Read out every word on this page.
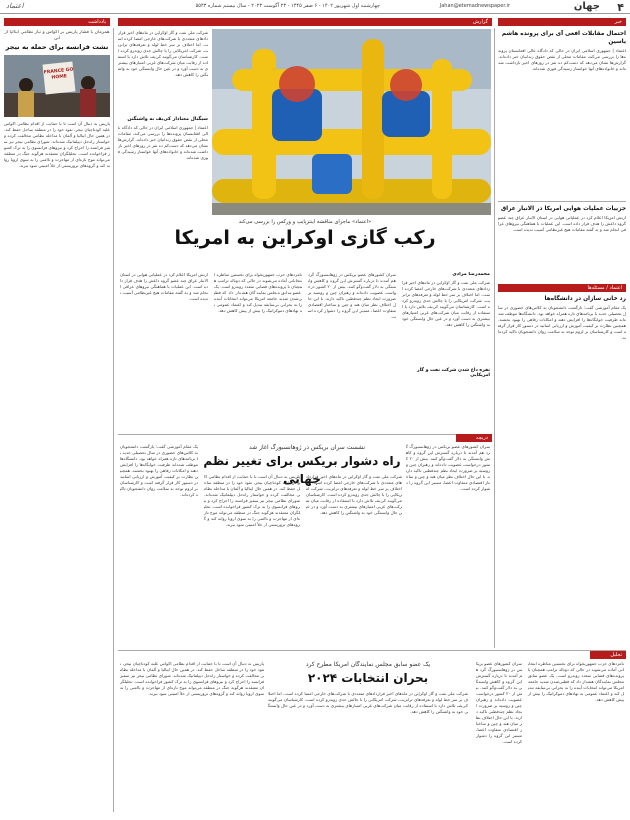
۴
جهان
Jahan@etemadnewspaper.ir
چهارشنبه اول شهریور ۱۴۰۲ - ۶ صفر ۱۴۴۵ - ۲۳ آگوست ۲۰۲۳ - سال بیستم شماره ۵۵۴۳
اعتماد
یادداشت	گزارش	خبر
همزمان با فشار پاریس بر اکواس و نیاز نظامی ایتالیا از این
نشت فرانسه برای حمله به نیجر
FRANCE GO HOME
پاریس به دنبال آن است تا با حمایت از اقدام نظامی اکواس علیه کودتاچیان نیجر، نفوذ خود را در منطقه ساحل حفظ کند. در همین حال ایتالیا و آلمان با مداخله نظامی مخالفت کرده و خواستار راه‌حل دیپلماتیک شده‌اند. شورای نظامی نیجر نیز سفیر فرانسه را اخراج کرد و نیروهای فرانسوی را به ترک کشور فراخوانده است. تحلیلگران معتقدند هرگونه جنگ در منطقه می‌تواند موج تازه‌ای از مهاجرت و ناامنی را به سوی اروپا روانه کند و گروه‌های تروریستی از خلأ امنیتی سود ببرند.
«اعتماد» ماجرای مناقشه اینترپایپ و ورکس را بررسی می‌کند
رکب گازی اوکراین به امریکا
شرکت ملی نفت و گاز اوکراین در ماه‌های اخیر قراردادهای متعددی با شرکت‌های خارجی امضا کرده است. اما اختلاف بر سر خط لوله و تعرفه‌های ترانزیت، شرکت امریکایی را با چالش جدی روبه‌رو کرده است. کارشناسان می‌گویند کی‌یف تلاش دارد با استفاده از رقابت میان شرکت‌های غربی امتیازهای بیشتری به دست آورد و در عین حال وابستگی خود به واشنگتن را کاهش دهد.
سیگنال معنادار کی‌یف به واشنگتن
اعتماد | جمهوری اسلامی ایران در حالی که دادگاه عالی افغانستان پرونده‌ها را بررسی می‌کند، مقامات محلی از نقض حقوق زندانیان خبر داده‌اند. گزارش‌ها نشان می‌دهد که دست‌کم ده نفر در روزهای اخیر بازداشت شده‌اند و خانواده‌های آنها خواستار رسیدگی فوری شده‌اند.
محمدرضا مرادی
شرکت ملی نفت و گاز اوکراین در ماه‌های اخیر قراردادهای متعددی با شرکت‌های خارجی امضا کرده است. اما اختلاف بر سر خط لوله و تعرفه‌های ترانزیت، شرکت امریکایی را با چالش جدی روبه‌رو کرده است. کارشناسان می‌گویند کی‌یف تلاش دارد با استفاده از رقابت میان شرکت‌های غربی امتیازهای بیشتری به دست آورد و در عین حال وابستگی خود به واشنگتن را کاهش دهد.
نقره داغ شدن شرکت نفت و گاز امریکایی
سران کشورهای عضو بریکس در ژوهانسبورگ گرد هم آمدند تا درباره گسترش این گروه و کاهش وابستگی به دلار گفت‌وگو کنند. بیش از ۲۰ کشور درخواست عضویت داده‌اند و رهبران چین و روسیه بر ضرورت ایجاد نظم چندقطبی تاکید دارند. با این حال اختلاف نظر میان هند و چین و ساختار اقتصادی متفاوت اعضا، مسیر این گروه را دشوار کرده است.
نامزدهای حزب جمهوریخواه برای نخستین مناظره انتخاباتی آماده می‌شوند در حالی که دونالد ترامپ همچنان با پرونده‌های قضایی متعدد روبه‌رو است. یک عضو سابق مجلس نمایندگان هشدار داد که قطبی‌شدن شدید جامعه امریکا می‌تواند انتخابات آینده را به بحرانی بی‌سابقه تبدیل کند و اعتماد عمومی به نهادهای دموکراتیک را بیش از پیش کاهش دهد.
ارتش امریکا اعلام کرد در عملیاتی هوایی در استان الانبار عراق چند عضو گروه داعش را هدف قرار داده است. این عملیات با هماهنگی نیروهای عراقی انجام شد و به گفته مقامات هیچ غیرنظامی آسیب ندیده است.
دریچه
نشست سران بریکس در ژوهانسبورگ آغاز شد
راه دشوار بریکس برای تغییر نظم جهانی
سران کشورهای عضو بریکس در ژوهانسبورگ گرد هم آمدند تا درباره گسترش این گروه و کاهش وابستگی به دلار گفت‌وگو کنند. بیش از ۲۰ کشور درخواست عضویت داده‌اند و رهبران چین و روسیه بر ضرورت ایجاد نظم چندقطبی تاکید دارند. با این حال اختلاف نظر میان هند و چین و ساختار اقتصادی متفاوت اعضا، مسیر این گروه را دشوار کرده است.
شرکت ملی نفت و گاز اوکراین در ماه‌های اخیر قراردادهای متعددی با شرکت‌های خارجی امضا کرده است. اما اختلاف بر سر خط لوله و تعرفه‌های ترانزیت، شرکت امریکایی را با چالش جدی روبه‌رو کرده است. کارشناسان می‌گویند کی‌یف تلاش دارد با استفاده از رقابت میان شرکت‌های غربی امتیازهای بیشتری به دست آورد و در عین حال وابستگی خود به واشنگتن را کاهش دهد.
پاریس به دنبال آن است تا با حمایت از اقدام نظامی اکواس علیه کودتاچیان نیجر، نفوذ خود را در منطقه ساحل حفظ کند. در همین حال ایتالیا و آلمان با مداخله نظامی مخالفت کرده و خواستار راه‌حل دیپلماتیک شده‌اند. شورای نظامی نیجر نیز سفیر فرانسه را اخراج کرد و نیروهای فرانسوی را به ترک کشور فراخوانده است. تحلیلگران معتقدند هرگونه جنگ در منطقه می‌تواند موج تازه‌ای از مهاجرت و ناامنی را به سوی اروپا روانه کند و گروه‌های تروریستی از خلأ امنیتی سود ببرند.
یک مقام آموزشی گفت: بازگشت دانشجویان به کلاس‌های حضوری در سال تحصیلی جدید با برنامه‌های تازه همراه خواهد بود. دانشگاه‌ها موظف شده‌اند ظرفیت خوابگاه‌ها را افزایش دهند و امکانات رفاهی را بهبود بخشند. همچنین نظارت بر کیفیت آموزش و ارزیابی اساتید در دستور کار قرار گرفته است و کارشناسان بر لزوم توجه به سلامت روان دانشجویان تاکید کرده‌اند.
تحلیل
یک عضو سابق مجلس نمایندگان امریکا مطرح کرد
بحران انتخابات ۲۰۲۴
نامزدهای حزب جمهوریخواه برای نخستین مناظره انتخاباتی آماده می‌شوند در حالی که دونالد ترامپ همچنان با پرونده‌های قضایی متعدد روبه‌رو است. یک عضو سابق مجلس نمایندگان هشدار داد که قطبی‌شدن شدید جامعه امریکا می‌تواند انتخابات آینده را به بحرانی بی‌سابقه تبدیل کند و اعتماد عمومی به نهادهای دموکراتیک را بیش از پیش کاهش دهد.
سران کشورهای عضو بریکس در ژوهانسبورگ گرد هم آمدند تا درباره گسترش این گروه و کاهش وابستگی به دلار گفت‌وگو کنند. بیش از ۲۰ کشور درخواست عضویت داده‌اند و رهبران چین و روسیه بر ضرورت ایجاد نظم چندقطبی تاکید دارند. با این حال اختلاف نظر میان هند و چین و ساختار اقتصادی متفاوت اعضا، مسیر این گروه را دشوار کرده است.
شرکت ملی نفت و گاز اوکراین در ماه‌های اخیر قراردادهای متعددی با شرکت‌های خارجی امضا کرده است. اما اختلاف بر سر خط لوله و تعرفه‌های ترانزیت، شرکت امریکایی را با چالش جدی روبه‌رو کرده است. کارشناسان می‌گویند کی‌یف تلاش دارد با استفاده از رقابت میان شرکت‌های غربی امتیازهای بیشتری به دست آورد و در عین حال وابستگی خود به واشنگتن را کاهش دهد.
پاریس به دنبال آن است تا با حمایت از اقدام نظامی اکواس علیه کودتاچیان نیجر، نفوذ خود را در منطقه ساحل حفظ کند. در همین حال ایتالیا و آلمان با مداخله نظامی مخالفت کرده و خواستار راه‌حل دیپلماتیک شده‌اند. شورای نظامی نیجر نیز سفیر فرانسه را اخراج کرد و نیروهای فرانسوی را به ترک کشور فراخوانده است. تحلیلگران معتقدند هرگونه جنگ در منطقه می‌تواند موج تازه‌ای از مهاجرت و ناامنی را به سوی اروپا روانه کند و گروه‌های تروریستی از خلأ امنیتی سود ببرند.
احتمال مقابلات افعی آی برای پرونده هاشم یاسین
اعتماد | جمهوری اسلامی ایران در حالی که دادگاه عالی افغانستان پرونده‌ها را بررسی می‌کند، مقامات محلی از نقض حقوق زندانیان خبر داده‌اند. گزارش‌ها نشان می‌دهد که دست‌کم ده نفر در روزهای اخیر بازداشت شده‌اند و خانواده‌های آنها خواستار رسیدگی فوری شده‌اند.
جزییات عملیات هوایی امریکا در الانبار عراق
ارتش امریکا اعلام کرد در عملیاتی هوایی در استان الانبار عراق چند عضو گروه داعش را هدف قرار داده است. این عملیات با هماهنگی نیروهای عراقی انجام شد و به گفته مقامات هیچ غیرنظامی آسیب ندیده است.
اعتماد / مسئله‌ها
رد خانی سازان در دانشگاه‌ها
یک مقام آموزشی گفت: بازگشت دانشجویان به کلاس‌های حضوری در سال تحصیلی جدید با برنامه‌های تازه همراه خواهد بود. دانشگاه‌ها موظف شده‌اند ظرفیت خوابگاه‌ها را افزایش دهند و امکانات رفاهی را بهبود بخشند. همچنین نظارت بر کیفیت آموزش و ارزیابی اساتید در دستور کار قرار گرفته است و کارشناسان بر لزوم توجه به سلامت روان دانشجویان تاکید کرده‌اند.
